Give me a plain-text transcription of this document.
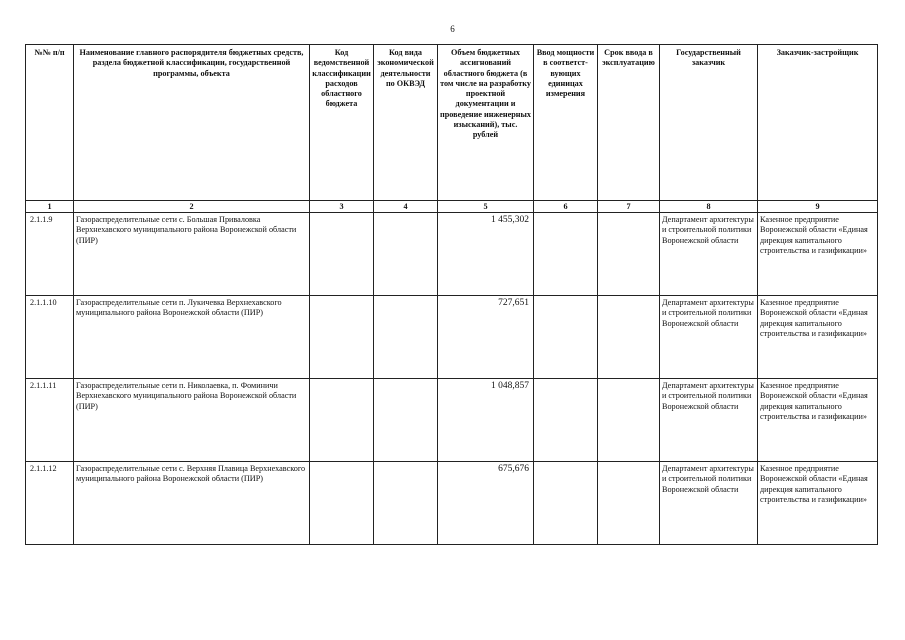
6
№№ п/п	Наименование главного распорядителя бюджетных средств, раздела бюджетной классификации, государственной программы, объекта	Код ведомственной классификации расходов областного бюджета	Код вида экономической деятельности по ОКВЭД	Объем бюджетных ассигнований областного бюджета (в том числе на разработку проектной документации и проведение инженерных изысканий), тыс. рублей	Ввод мощности в соответствующих единицах измерения	Срок ввода в эксплуатацию	Государственный заказчик	Заказчик-застройщик
1	2	3	4	5	6	7	8	9
2.1.1.9	Газораспределительные сети с. Большая Приваловка Верхнехавского муниципального района Воронежской области (ПИР)			1 455,302			Департамент архитектуры и строительной политики Воронежской области	Казенное предприятие Воронежской области «Единая дирекция капитального строительства и газификации»
2.1.1.10	Газораспределительные сети п. Лукичевка Верхнехавского муниципального района Воронежской области (ПИР)			727,651			Департамент архитектуры и строительной политики Воронежской области	Казенное предприятие Воронежской области «Единая дирекция капитального строительства и газификации»
2.1.1.11	Газораспределительные сети п. Николаевка, п. Фоминичи Верхнехавского муниципального района Воронежской области (ПИР)			1 048,857			Департамент архитектуры и строительной политики Воронежской области	Казенное предприятие Воронежской области «Единая дирекция капитального строительства и газификации»
2.1.1.12	Газораспределительные сети с. Верхняя Плавица Верхнехавского муниципального района Воронежской области (ПИР)			675,676			Департамент архитектуры и строительной политики Воронежской области	Казенное предприятие Воронежской области «Единая дирекция капитального строительства и газификации»
